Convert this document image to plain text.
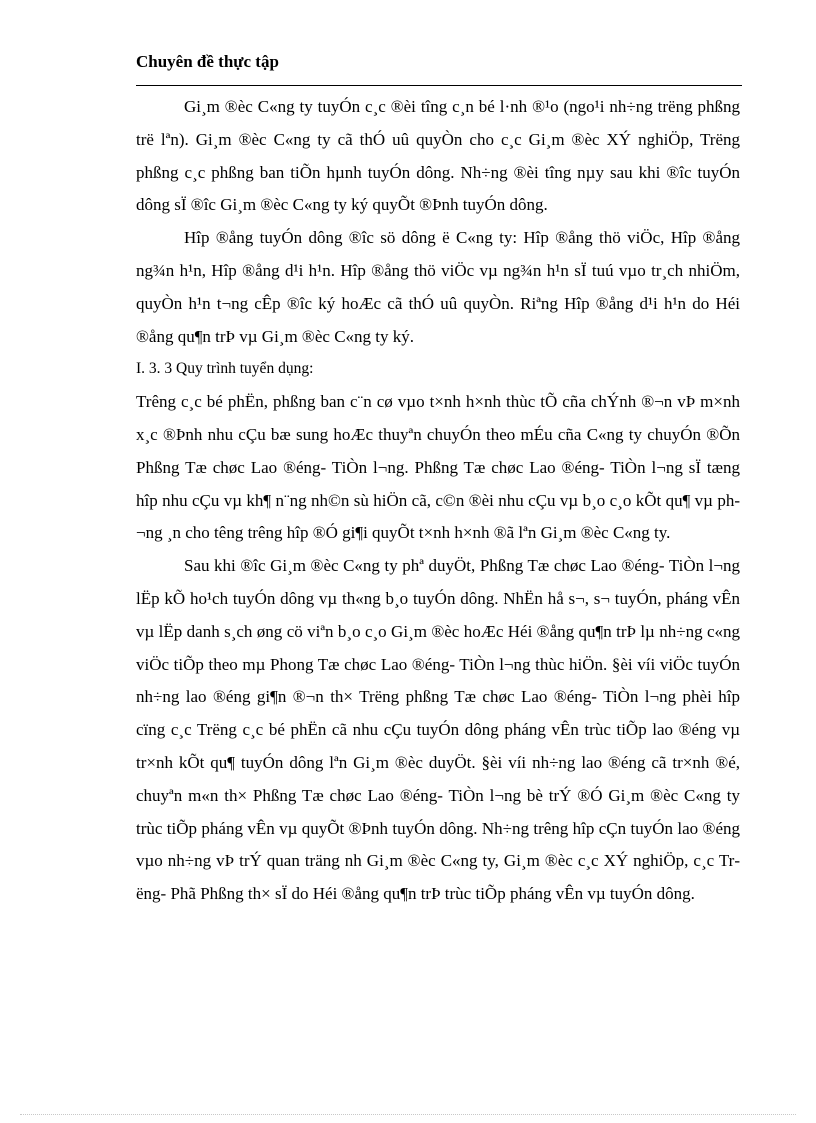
Chuyên đề thực tập

Gi¸m ®èc C«ng ty tuyÓn c¸c ®èi tîng c¸n bé l·nh ®¹o (ngo¹i nh÷ng trëng phßng trë lªn). Gi¸m ®èc C«ng ty cã thÓ uû quyÒn cho c¸c Gi¸m ®èc XÝ nghiÖp, Trëng phßng c¸c phßng ban tiÕn hµnh tuyÓn dông. Nh÷ng ®èi tîng nµy sau khi ®îc tuyÓn dông sÏ ®îc Gi¸m ®èc C«ng ty ký quyÕt ®Þnh tuyÓn dông.

Hîp ®ång tuyÓn dông ®îc sö dông ë C«ng ty: Hîp ®ång thö viÖc, Hîp ®ång ng¾n h¹n, Hîp ®ång d¹i h¹n. Hîp ®ång thö viÖc vµ ng¾n h¹n sÏ tuú vµo tr¸ch nhiÖm, quyÒn h¹n t¬ng cÊp ®îc ký hoÆc cã thÓ uû quyÒn. Riªng Hîp ®ång d¹i h¹n do Héi ®ång qu¶n trÞ vµ Gi¸m ®èc C«ng ty ký.

I. 3. 3 Quy trình tuyển dụng:

Trêng c¸c bé phËn, phßng ban c¨n cø vµo t×nh h×nh thùc tÕ cña chÝnh ®¬n vÞ m×nh x¸c ®Þnh nhu cÇu bæ sung hoÆc thuyªn chuyÓn theo mÉu cña C«ng ty chuyÓn ®Õn Phßng Tæ chøc Lao ®éng- TiÒn l¬ng. Phßng Tæ chøc Lao ®éng- TiÒn l¬ng sÏ tæng hîp nhu cÇu vµ kh¶ n¨ng nh©n sù hiÖn cã, c©n ®èi nhu cÇu vµ b¸o c¸o kÕt qu¶ vµ ph¬ng ¸n cho têng trêng hîp ®Ó gi¶i quyÕt t×nh h×nh ®ã lªn Gi¸m ®èc C«ng ty.

Sau khi ®îc Gi¸m ®èc C«ng ty phª duyÖt, Phßng Tæ chøc Lao ®éng- TiÒn l¬ng lËp kÕ ho¹ch tuyÓn dông vµ th«ng b¸o tuyÓn dông. NhËn hå s¬, s¬ tuyÓn, pháng vÊn vµ lËp danh s¸ch øng cö viªn b¸o c¸o Gi¸m ®èc hoÆc Héi ®ång qu¶n trÞ lµ nh÷ng c«ng viÖc tiÕp theo mµ Phong Tæ chøc Lao ®éng- TiÒn l¬ng thùc hiÖn. §èi víi viÖc tuyÓn nh÷ng lao ®éng gi¶n ®¬n th× Trëng phßng Tæ chøc Lao ®éng- TiÒn l¬ng phèi hîp cïng c¸c Trëng c¸c bé phËn cã nhu cÇu tuyÓn dông pháng vÊn trùc tiÕp lao ®éng vµ tr×nh kÕt qu¶ tuyÓn dông lªn Gi¸m ®èc duyÖt. §èi víi nh÷ng lao ®éng cã tr×nh ®é, chuyªn m«n th× Phßng Tæ chøc Lao ®éng- TiÒn l¬ng bè trÝ ®Ó Gi¸m ®èc C«ng ty trùc tiÕp pháng vÊn vµ quyÕt ®Þnh tuyÓn dông. Nh÷ng trêng hîp cÇn tuyÓn lao ®éng vµo nh÷ng vÞ trÝ quan träng nh Gi¸m ®èc C«ng ty, Gi¸m ®èc c¸c XÝ nghiÖp, c¸c Trëng- Phã Phßng th× sÏ do Héi ®ång qu¶n trÞ trùc tiÕp pháng vÊn vµ tuyÓn dông.
